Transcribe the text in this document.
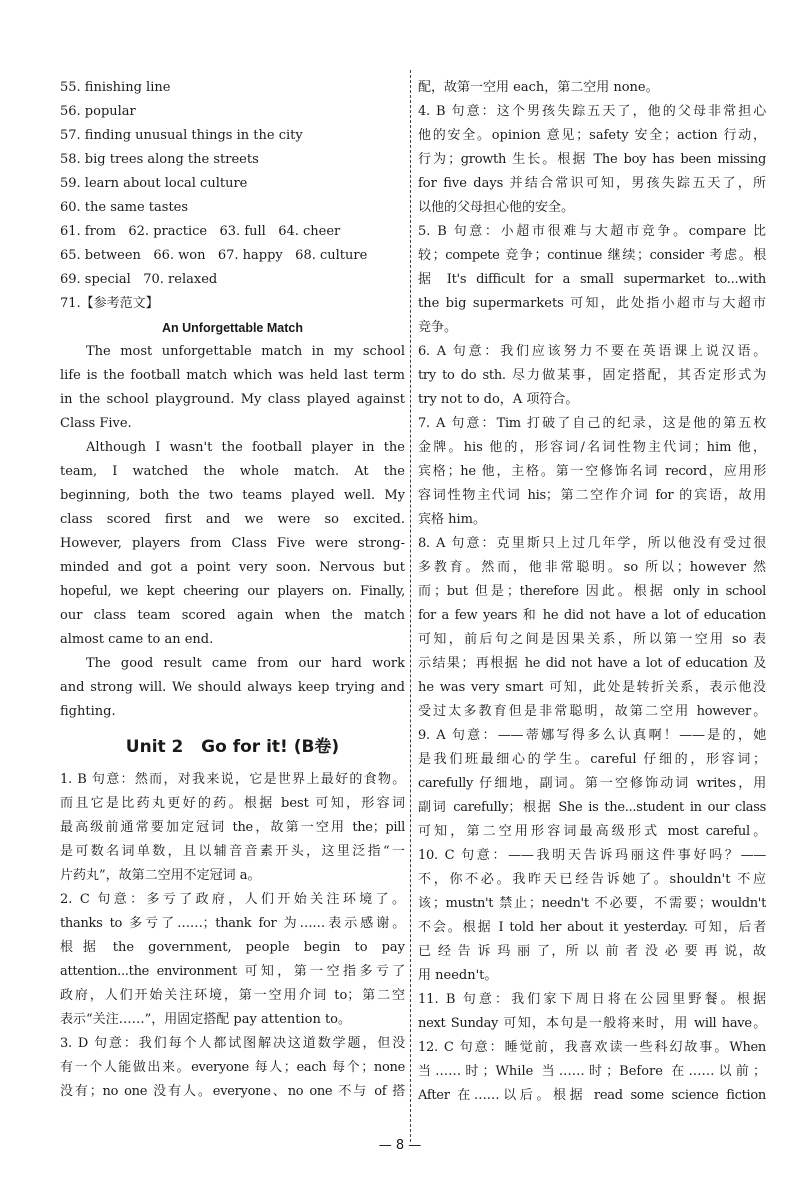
55. finishing line
56. popular
57. finding unusual things in the city
58. big trees along the streets
59. learn about local culture
60. the same tastes
61. from   62. practice   63. full   64. cheer
65. between   66. won   67. happy   68. culture
69. special   70. relaxed
71.【参考范文】
An Unforgettable Match
The most unforgettable match in my school
life is the football match which was held last term
in the school playground. My class played against
Class Five.
Although I wasn't the football player in the
team, I watched the whole match. At the
beginning, both the two teams played well. My
class scored first and we were so excited.
However, players from Class Five were strong-
minded and got a point very soon. Nervous but
hopeful, we kept cheering our players on. Finally,
our class team scored again when the match
almost came to an end.
The good result came from our hard work
and strong will. We should always keep trying and
fighting.
Unit 2   Go for it! (B卷)
1. B 句意：然而，对我来说，它是世界上最好的食物。
而且它是比药丸更好的药。根据 best 可知，形容词
最高级前通常要加定冠词 the，故第一空用 the；pill
是可数名词单数，且以辅音音素开头，这里泛指“一
片药丸”，故第二空用不定冠词 a。
2. C 句意：多亏了政府，人们开始关注环境了。
thanks to 多亏了……；thank for 为……表示感谢。
根 据  the  government,  people  begin  to  pay
attention...the environment 可知，第一空指多亏了
政府，人们开始关注环境，第一空用介词 to；第二空
表示“关注……”，用固定搭配 pay attention to。
3. D 句意：我们每个人都试图解决这道数学题，但没
有一个人能做出来。everyone 每人；each 每个；none
没有；no one 没有人。everyone、no one 不与 of 搭
配，故第一空用 each，第二空用 none。
4. B 句意：这个男孩失踪五天了，他的父母非常担心
他的安全。opinion 意见；safety 安全；action 行动，
行为；growth 生长。根据 The boy has been missing
for five days 并结合常识可知，男孩失踪五天了，所
以他的父母担心他的安全。
5. B 句意：小超市很难与大超市竞争。compare 比
较；compete 竞争；continue 继续；consider 考虑。根
据 It's difficult for a small supermarket to...with
the big supermarkets 可知，此处指小超市与大超市
竞争。
6. A 句意：我们应该努力不要在英语课上说汉语。
try to do sth. 尽力做某事，固定搭配，其否定形式为
try not to do，A 项符合。
7. A 句意：Tim 打破了自己的纪录，这是他的第五枚
金牌。his 他的，形容词/名词性物主代词；him 他，
宾格；he 他，主格。第一空修饰名词 record，应用形
容词性物主代词 his；第二空作介词 for 的宾语，故用
宾格 him。
8. A 句意：克里斯只上过几年学，所以他没有受过很
多教育。然而，他非常聪明。so 所以；however 然
而；but 但是；therefore 因此。根据 only in school
for a few years 和 he did not have a lot of education
可知，前后句之间是因果关系，所以第一空用 so 表
示结果；再根据 he did not have a lot of education 及
he was very smart 可知，此处是转折关系，表示他没
受过太多教育但是非常聪明，故第二空用 however。
9. A 句意：——蒂娜写得多么认真啊！——是的，她
是我们班最细心的学生。careful 仔细的，形容词；
carefully 仔细地，副词。第一空修饰动词 writes，用
副词 carefully；根据 She is the...student in our class
可知，第二空用形容词最高级形式 most careful。
10. C 句意：——我明天告诉玛丽这件事好吗？——
不，你不必。我昨天已经告诉她了。shouldn't 不应
该；mustn't 禁止；needn't 不必要，不需要；wouldn't
不会。根据 I told her about it yesterday. 可知，后者
已 经 告 诉 玛 丽 了，所 以 前 者 没 必 要 再 说，故
用 needn't。
11. B 句意：我们家下周日将在公园里野餐。根据
next Sunday 可知，本句是一般将来时，用 will have。
12. C 句意：睡觉前，我喜欢读一些科幻故事。When
当……时；While 当……时；Before 在……以前；
After 在……以后。根据 read some science fiction
— 8 —
